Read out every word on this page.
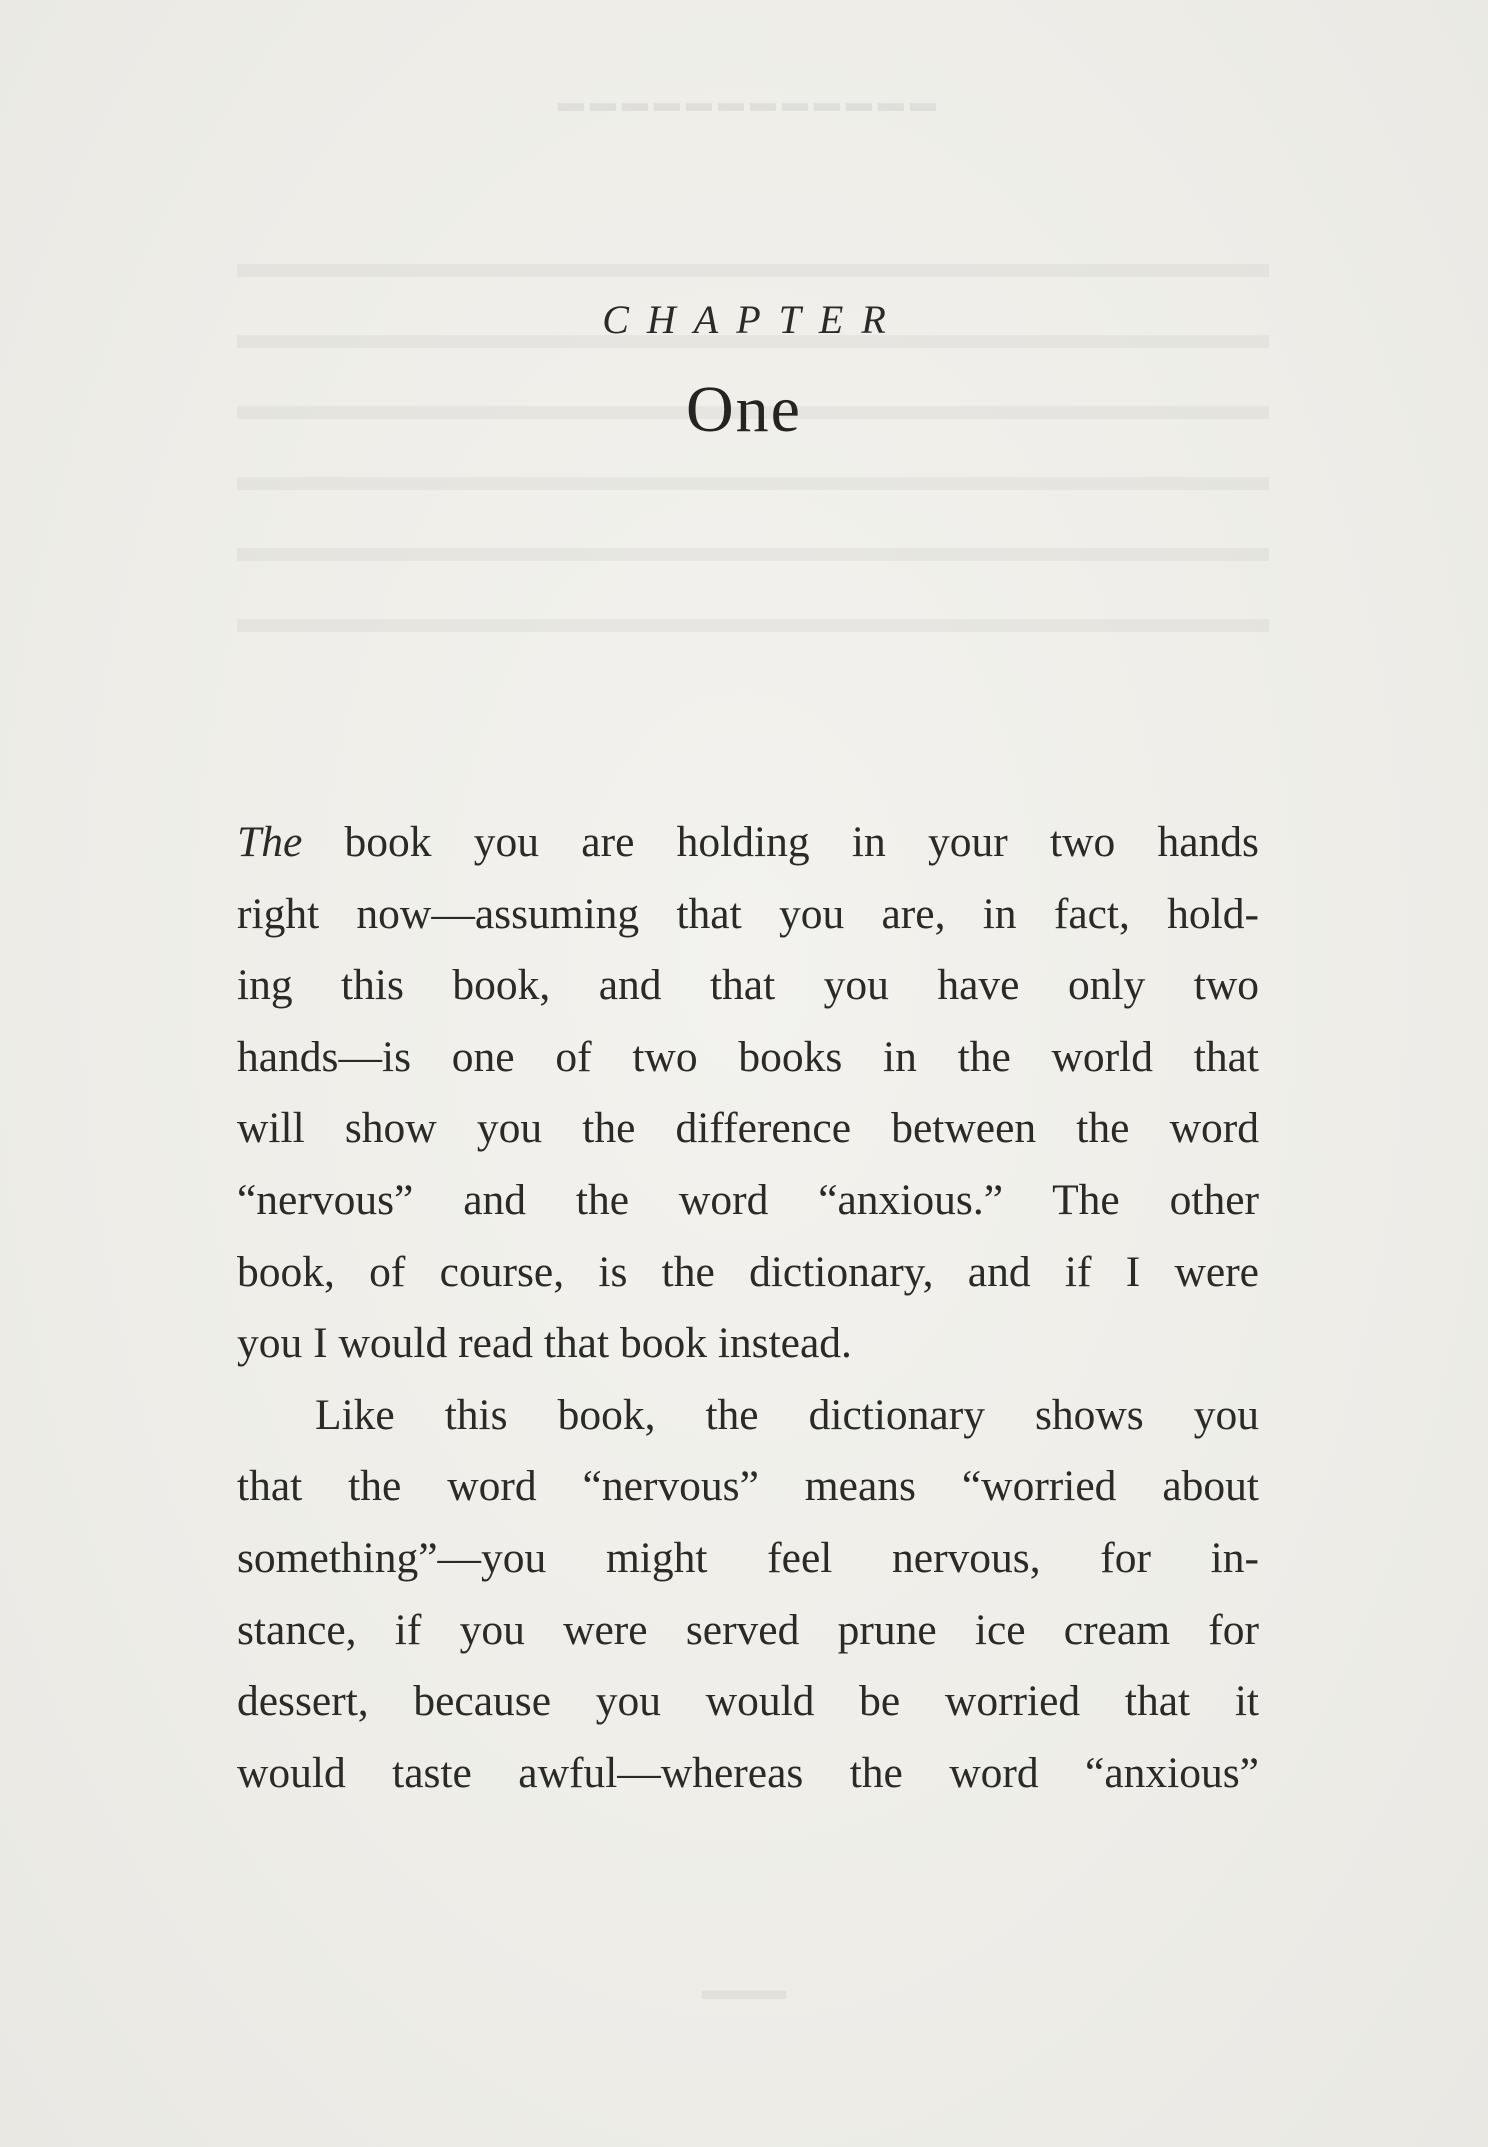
▬▬▬▬▬▬▬▬▬▬▬▬
CHAPTER
One
The book you are holding in your two hands
right now—assuming that you are, in fact, hold-
ing this book, and that you have only two
hands—is one of two books in the world that
will show you the difference between the word
“nervous” and the word “anxious.” The other
book, of course, is the dictionary, and if I were
you I would read that book instead.
Like this book, the dictionary shows you
that the word “nervous” means “worried about
something”—you might feel nervous, for in-
stance, if you were served prune ice cream for
dessert, because you would be worried that it
would taste awful—whereas the word “anxious”
▬▬▬
